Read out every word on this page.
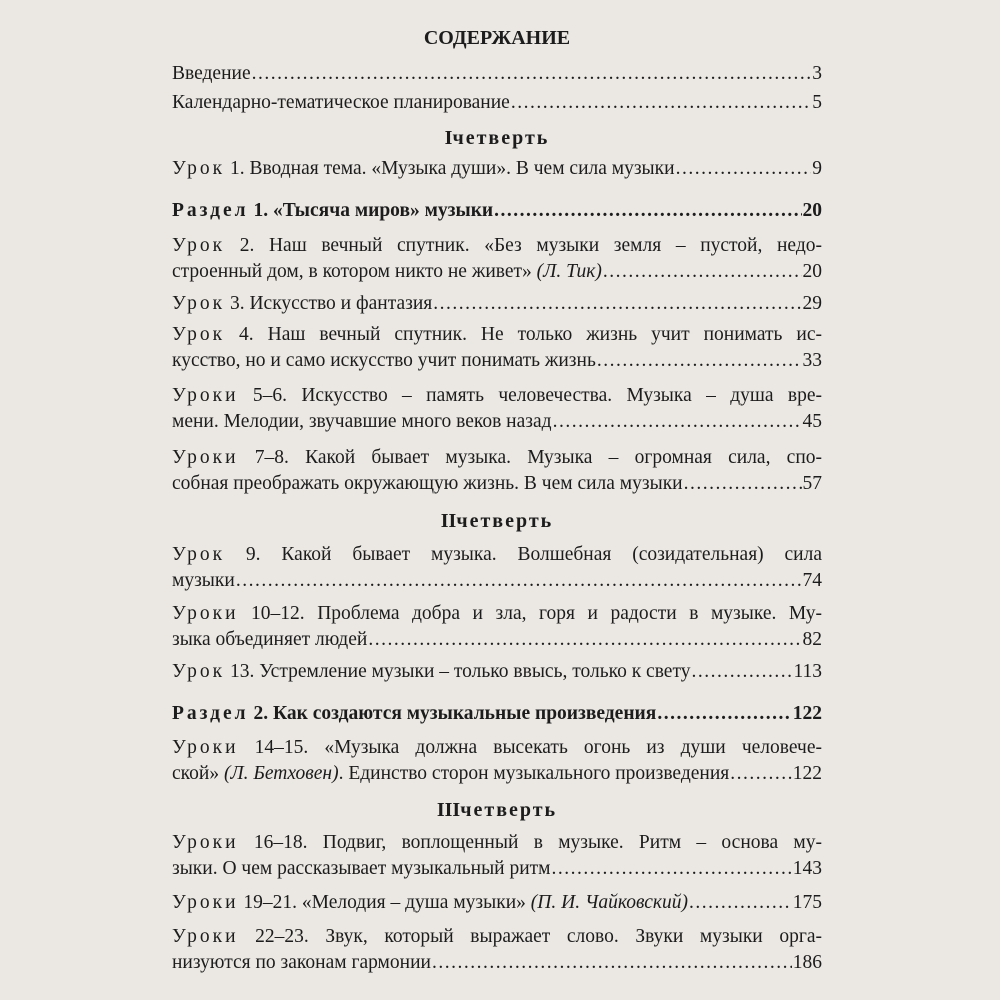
СОДЕРЖАНИЕ
Введение .....	3
Календарно-тематическое планирование .....	5
Iчетверть
Урок 1. Вводная тема. «Музыка души». В чем сила музыки .....	9
Раздел 1. «Тысяча миров» музыки .....	20
Урок 2. Наш вечный спутник. «Без музыки земля – пустой, недо-
строенный дом, в котором никто не живет» (Л. Тик) .....	20
Урок 3. Искусство и фантазия .....	29
Урок 4. Наш вечный спутник. Не только жизнь учит понимать ис-
кусство, но и само искусство учит понимать жизнь .....	33
Уроки 5–6. Искусство – память человечества. Музыка – душа вре-
мени. Мелодии, звучавшие много веков назад .....	45
Уроки 7–8. Какой бывает музыка. Музыка – огромная сила, спо-
собная преображать окружающую жизнь. В чем сила музыки .....	57
IIчетверть
Урок 9. Какой бывает музыка. Волшебная (созидательная) сила
музыки .....	74
Уроки 10–12. Проблема добра и зла, горя и радости в музыке. Му-
зыка объединяет людей .....	82
Урок 13. Устремление музыки – только ввысь, только к свету .....	113
Раздел 2. Как создаются музыкальные произведения .....	122
Уроки 14–15. «Музыка должна высекать огонь из души человече-
ской» (Л. Бетховен). Единство сторон музыкального произведения .....	122
IIIчетверть
Уроки 16–18. Подвиг, воплощенный в музыке. Ритм – основа му-
зыки. О чем рассказывает музыкальный ритм .....	143
Уроки 19–21. «Мелодия – душа музыки» (П. И. Чайковский) .....	175
Уроки 22–23. Звук, который выражает слово. Звуки музыки орга-
низуются по законам гармонии .....	186
